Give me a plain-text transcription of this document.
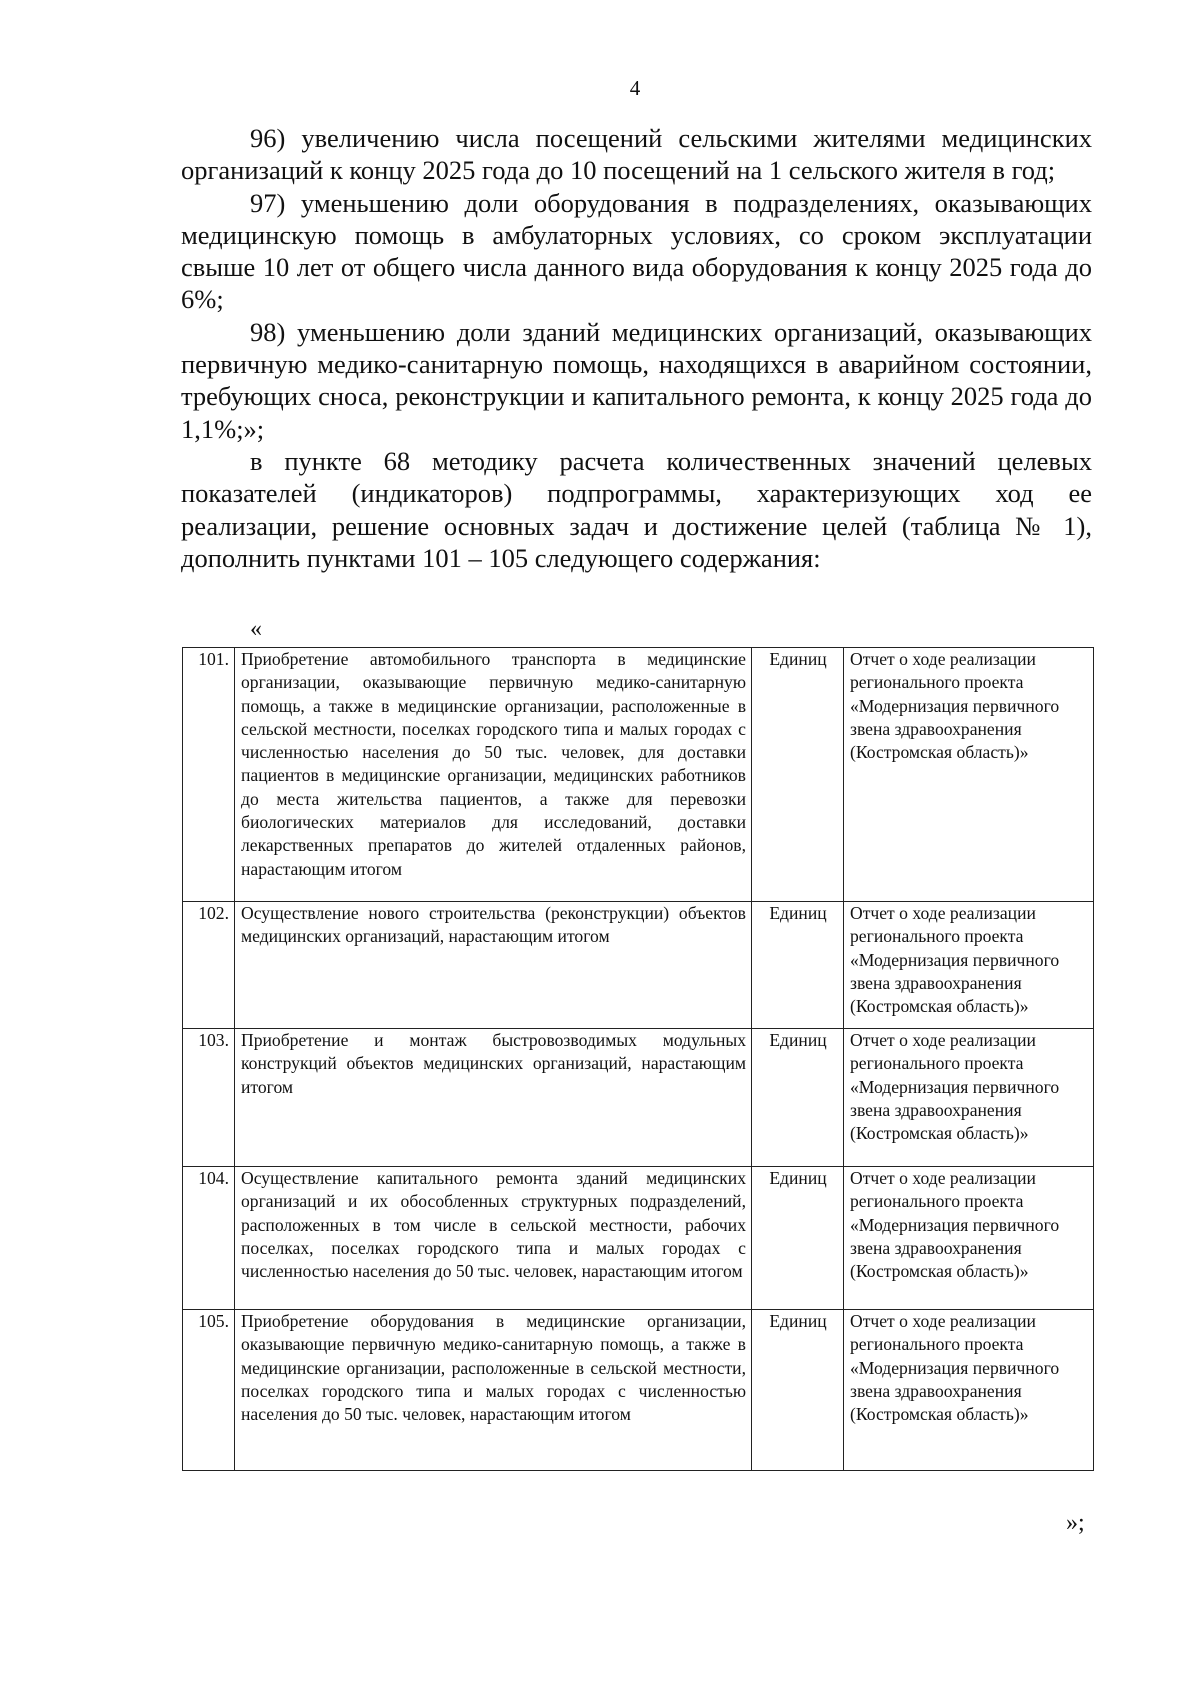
4

96) увеличению числа посещений сельскими жителями медицинских организаций к концу 2025 года до 10 посещений на 1 сельского жителя в год;

97) уменьшению доли оборудования в подразделениях, оказывающих медицинскую помощь в амбулаторных условиях, со сроком эксплуатации свыше 10 лет от общего числа данного вида оборудования к концу 2025 года до 6%;

98) уменьшению доли зданий медицинских организаций, оказывающих первичную медико-санитарную помощь, находящихся в аварийном состоянии, требующих сноса, реконструкции и капитального ремонта, к концу 2025 года до 1,1%;»;

в пункте 68 методику расчета количественных значений целевых показателей (индикаторов) подпрограммы, характеризующих ход ее реализации, решение основных задач и достижение целей (таблица № 1), дополнить пунктами 101 – 105 следующего содержания:

«
101.	Приобретение автомобильного транспорта в медицинские организации, оказывающие первичную медико-санитарную помощь, а также в медицинские организации, расположенные в сельской местности, поселках городского типа и малых городах с численностью населения до 50 тыс. человек, для доставки пациентов в медицинские организации, медицинских работников до места жительства пациентов, а также для перевозки биологических материалов для исследований, доставки лекарственных препаратов до жителей отдаленных районов, нарастающим итогом	Единиц	Отчет о ходе реализации регионального проекта «Модернизация первичного звена здравоохранения (Костромская область)»
102.	Осуществление нового строительства (реконструкции) объектов медицинских организаций, нарастающим итогом	Единиц	Отчет о ходе реализации регионального проекта «Модернизация первичного звена здравоохранения (Костромская область)»
103.	Приобретение и монтаж быстровозводимых модульных конструкций объектов медицинских организаций, нарастающим итогом	Единиц	Отчет о ходе реализации регионального проекта «Модернизация первичного звена здравоохранения (Костромская область)»
104.	Осуществление капитального ремонта зданий медицинских организаций и их обособленных структурных подразделений, расположенных в том числе в сельской местности, рабочих поселках, поселках городского типа и малых городах с численностью населения до 50 тыс. человек, нарастающим итогом	Единиц	Отчет о ходе реализации регионального проекта «Модернизация первичного звена здравоохранения (Костромская область)»
105.	Приобретение оборудования в медицинские организации, оказывающие первичную медико-санитарную помощь, а также в медицинские организации, расположенные в сельской местности, поселках городского типа и малых городах с численностью населения до 50 тыс. человек, нарастающим итогом	Единиц	Отчет о ходе реализации регионального проекта «Модернизация первичного звена здравоохранения (Костромская область)»
»;
